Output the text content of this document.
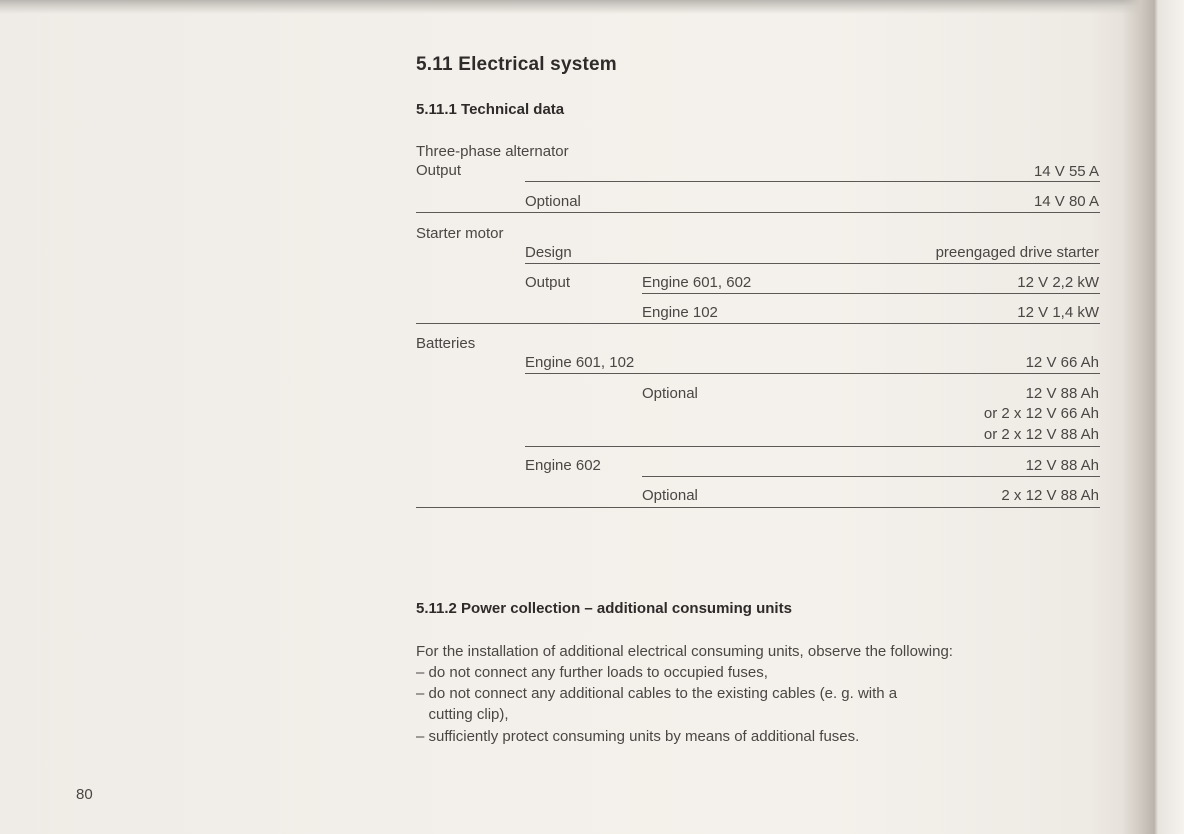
5.11 Electrical system
5.11.1 Technical data
Three-phase alternator
Output	14 V 55 A
Optional	14 V 80 A
Starter motor
Design	preengaged drive starter
Output	Engine 601, 602	12 V 2,2 kW
Engine 102	12 V 1,4 kW
Batteries
Engine 601, 102	12 V 66 Ah
Optional	12 V 88 Ah
or 2 x 12 V 66 Ah
or 2 x 12 V 88 Ah
Engine 602	12 V 88 Ah
Optional	2 x 12 V 88 Ah
5.11.2 Power collection – additional consuming units
For the installation of additional electrical consuming units, observe the following:
– do not connect any further loads to occupied fuses,
– do not connect any additional cables to the existing cables (e. g. with a
cutting clip),
– sufficiently protect consuming units by means of additional fuses.
80
